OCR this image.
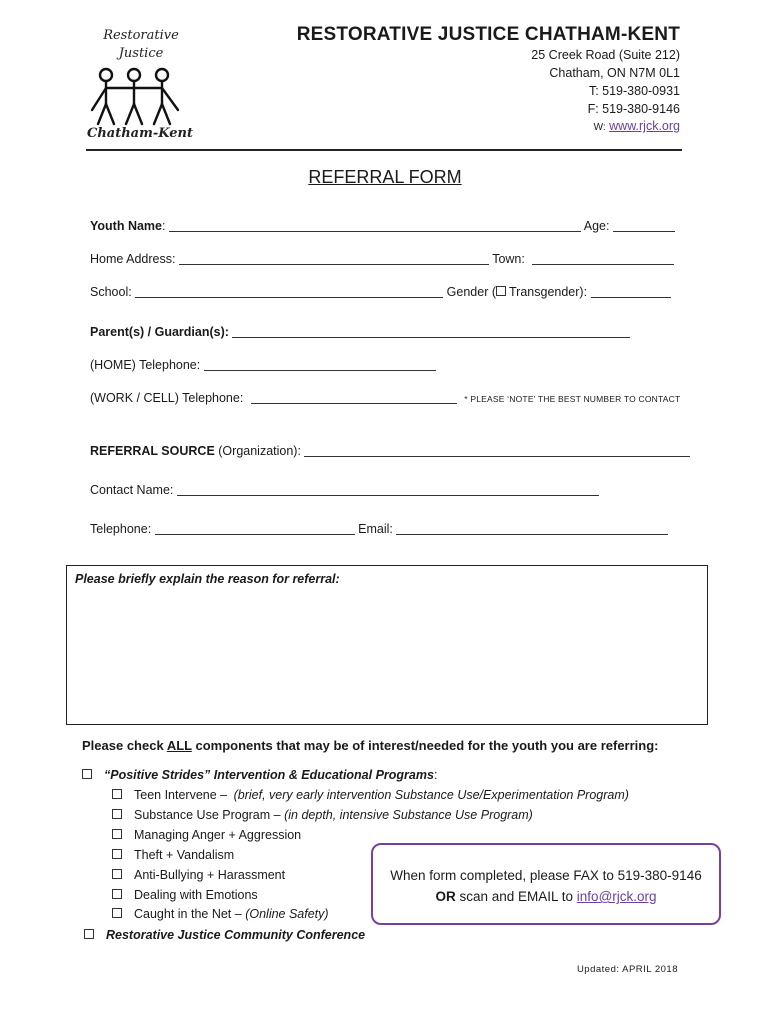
Restorative
Justice
Chatham-Kent
RESTORATIVE JUSTICE CHATHAM-KENT
25 Creek Road (Suite 212)
Chatham, ON N7M 0L1
T: 519-380-0931
F: 519-380-9146
W: www.rjck.org
REFERRAL FORM
Youth Name:	Age:
Home Address:	Town:
School:	Gender ( Transgender):
Parent(s) / Guardian(s):
(HOME) Telephone:
(WORK / CELL) Telephone:	* PLEASE ‘NOTE’ THE BEST NUMBER TO CONTACT
REFERRAL SOURCE (Organization):
Contact Name:
Telephone:	Email:
Please briefly explain the reason for referral:
Please check ALL components that may be of interest/needed for the youth you are referring:
“Positive Strides” Intervention & Educational Programs:
Teen Intervene – (brief, very early intervention Substance Use/Experimentation Program)
Substance Use Program – (in depth, intensive Substance Use Program)
Managing Anger + Aggression
Theft + Vandalism
Anti-Bullying + Harassment
Dealing with Emotions
Caught in the Net – (Online Safety)
Restorative Justice Community Conference
When form completed, please FAX to 519-380-9146
OR scan and EMAIL to info@rjck.org
Updated: APRIL 2018
